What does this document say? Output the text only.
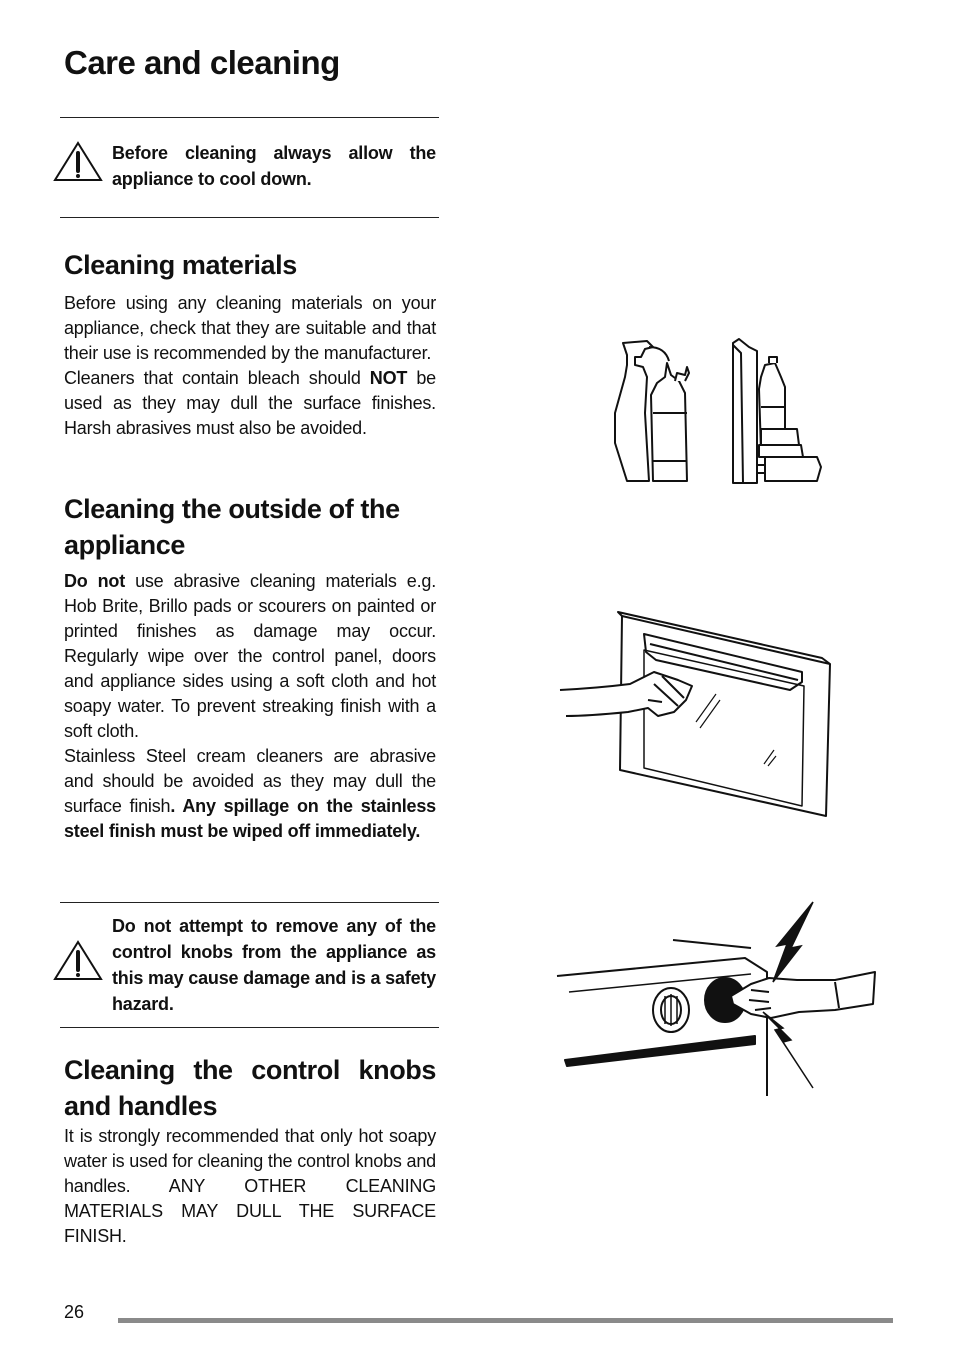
Care and cleaning
Before cleaning always allow the appliance to cool down.
Cleaning materials

Before using any cleaning materials on your appliance, check that they are suitable and that their use is recommended by the manufacturer.

Cleaners that contain bleach should NOT be used as they may dull the surface finishes. Harsh abrasives must also be avoided.

Cleaning the outside of the appliance

Do not use abrasive cleaning materials e.g. Hob Brite, Brillo pads or scourers on painted or printed finishes as damage may occur. Regularly wipe over the control panel, doors and appliance sides using a soft cloth and hot soapy water. To prevent streaking finish with a soft cloth.

Stainless Steel cream cleaners are abrasive and should be avoided as they may dull the surface finish. Any spillage on the stainless steel finish must be wiped off immediately.

Do not attempt to remove any of the control knobs from the appliance as this may cause damage and is a safety hazard.
Cleaning the control knobs and handles

It is strongly recommended that only hot soapy water is used for cleaning the control knobs and handles. ANY OTHER CLEANING MATERIALS MAY DULL THE SURFACE FINISH.

26
